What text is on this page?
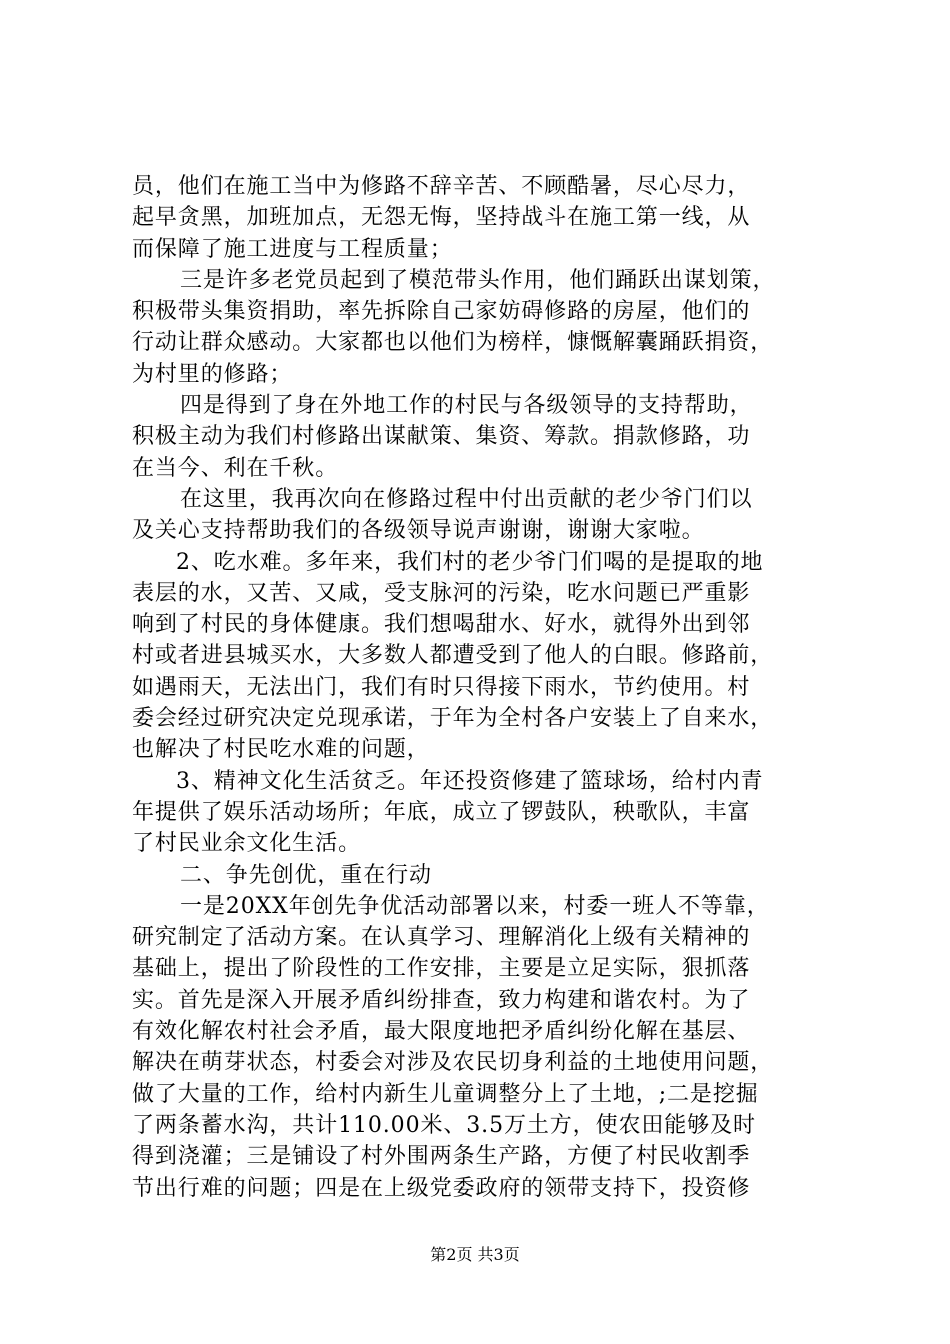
员，他们在施工当中为修路不辞辛苦、不顾酷暑，尽心尽力，
起早贪黑，加班加点，无怨无悔，坚持战斗在施工第一线，从
而保障了施工进度与工程质量；
三是许多老党员起到了模范带头作用，他们踊跃出谋划策，
积极带头集资捐助，率先拆除自己家妨碍修路的房屋，他们的
行动让群众感动。大家都也以他们为榜样，慷慨解囊踊跃捐资，
为村里的修路；
四是得到了身在外地工作的村民与各级领导的支持帮助，
积极主动为我们村修路出谋献策、集资、筹款。捐款修路，功
在当今、利在千秋。
在这里，我再次向在修路过程中付出贡献的老少爷门们以
及关心支持帮助我们的各级领导说声谢谢，谢谢大家啦。
2、吃水难。多年来，我们村的老少爷门们喝的是提取的地
表层的水，又苦、又咸，受支脉河的污染，吃水问题已严重影
响到了村民的身体健康。我们想喝甜水、好水，就得外出到邻
村或者进县城买水，大多数人都遭受到了他人的白眼。修路前，
如遇雨天，无法出门，我们有时只得接下雨水，节约使用。村
委会经过研究决定兑现承诺，于年为全村各户安装上了自来水，
也解决了村民吃水难的问题，
3、精神文化生活贫乏。年还投资修建了篮球场，给村内青
年提供了娱乐活动场所；年底，成立了锣鼓队，秧歌队，丰富
了村民业余文化生活。
二、争先创优，重在行动
一是20XX年创先争优活动部署以来，村委一班人不等靠，
研究制定了活动方案。在认真学习、理解消化上级有关精神的
基础上，提出了阶段性的工作安排，主要是立足实际，狠抓落
实。首先是深入开展矛盾纠纷排查，致力构建和谐农村。为了
有效化解农村社会矛盾，最大限度地把矛盾纠纷化解在基层、
解决在萌芽状态，村委会对涉及农民切身利益的土地使用问题，
做了大量的工作，给村内新生儿童调整分上了土地，;二是挖掘
了两条蓄水沟，共计110.00米、3.5万土方，使农田能够及时
得到浇灌；三是铺设了村外围两条生产路，方便了村民收割季
节出行难的问题；四是在上级党委政府的领带支持下，投资修
第2页 共3页
